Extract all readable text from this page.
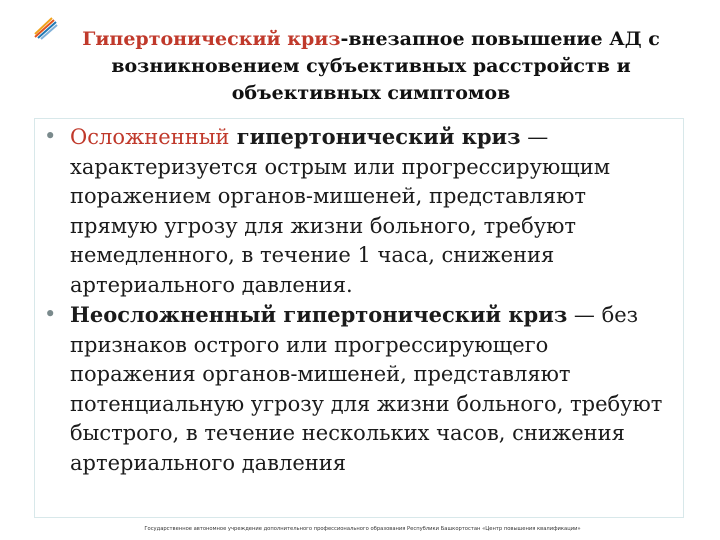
Гипертонический криз-внезапное повышение АД с
возникновением субъективных расстройств и
объективных симптомов
• Осложненный гипертонический криз — характеризуется острым или прогрессирующим поражением органов-мишеней, представляют прямую угрозу для жизни больного, требуют немедленного, в течение 1 часа, снижения артериального давления.
• Неосложненный гипертонический криз — без признаков острого или прогрессирующего поражения органов-мишеней, представляют потенциальную угрозу для жизни больного, требуют быстрого, в течение нескольких часов, снижения артериального давления
Государственное автономное учреждение дополнительного профессионального образования Республики Башкортостан «Центр повышения квалификации»
